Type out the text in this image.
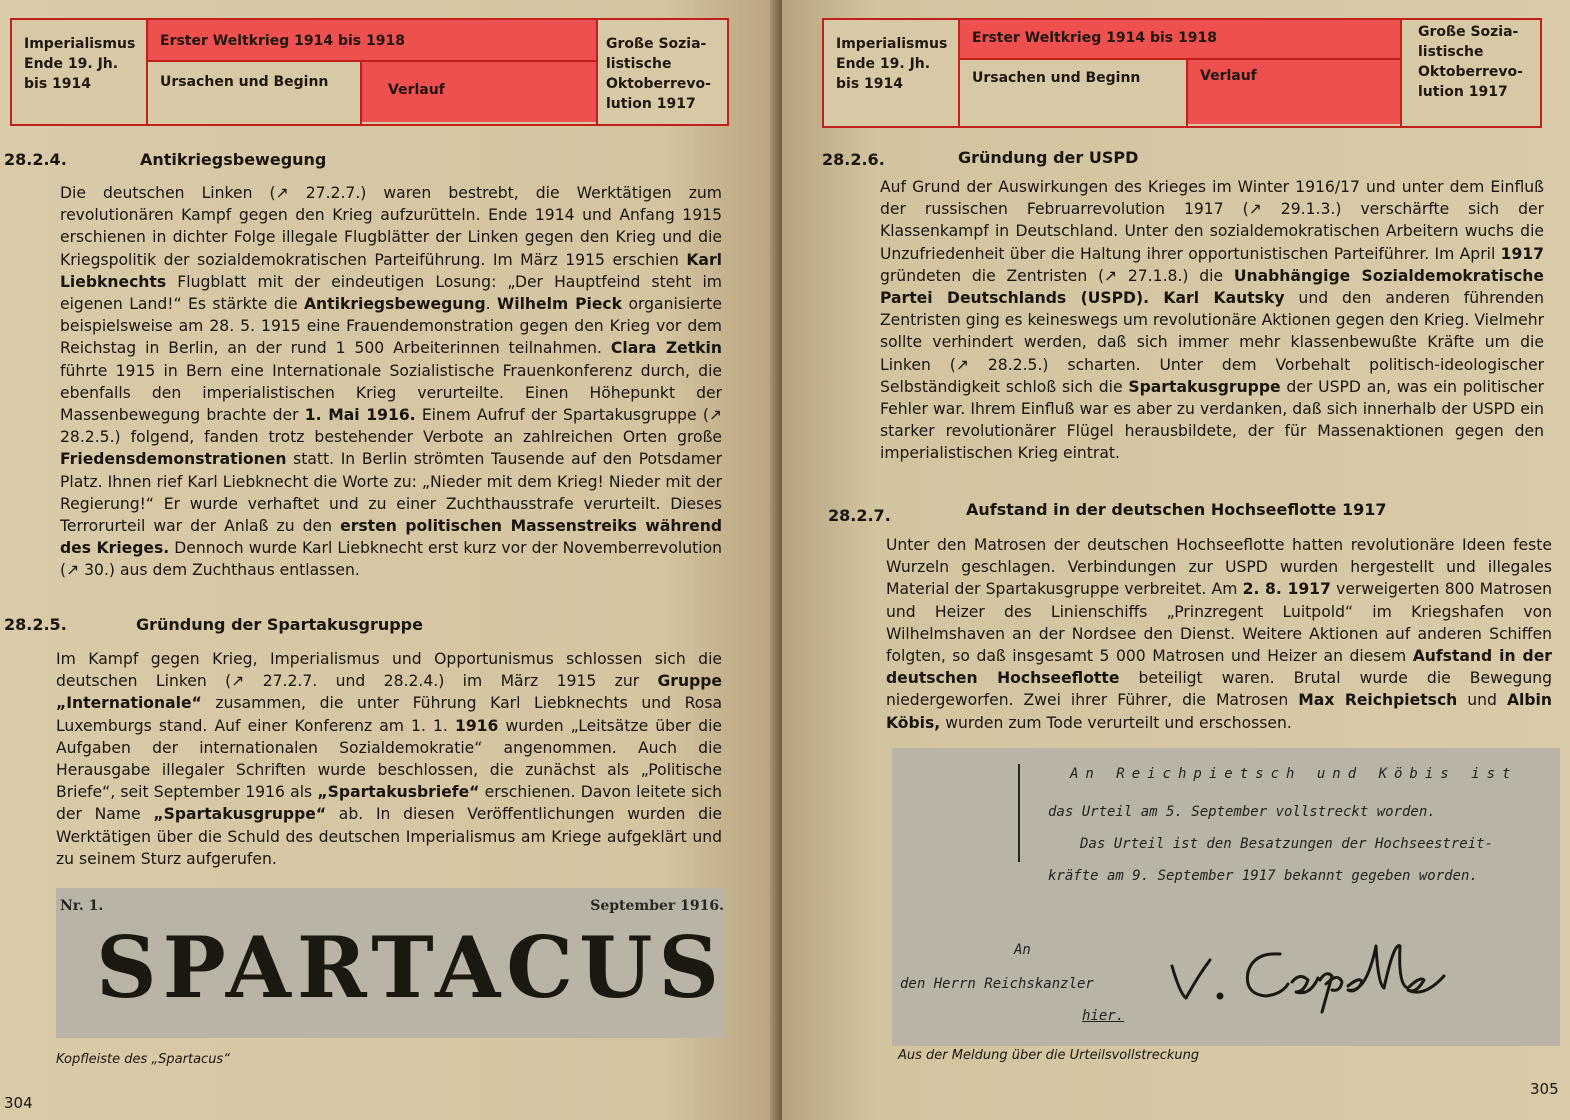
Imperialismus
Ende 19. Jh.
bis 1914
Erster Weltkrieg 1914 bis 1918
Ursachen und Beginn	Verlauf
Große Sozia-
listische
Oktoberrevo-
lution 1917
28.2.4.	Antikriegsbewegung

Die deutschen Linken (↗ 27.2.7.) waren bestrebt, die Werktätigen zum revolutionären Kampf gegen den Krieg aufzurütteln. Ende 1914 und Anfang 1915 erschienen in dichter Folge illegale Flugblätter der Linken gegen den Krieg und die Kriegspolitik der sozialdemokratischen Parteiführung. Im März 1915 erschien Karl Liebknechts Flugblatt mit der eindeutigen Losung: „Der Hauptfeind steht im eigenen Land!“ Es stärkte die Antikriegsbewegung. Wilhelm Pieck organisierte beispielsweise am 28. 5. 1915 eine Frauendemonstration gegen den Krieg vor dem Reichstag in Berlin, an der rund 1 500 Arbeiterinnen teilnahmen. Clara Zetkin führte 1915 in Bern eine Internationale Sozialistische Frauenkonferenz durch, die ebenfalls den imperialistischen Krieg verurteilte. Einen Höhepunkt der Massenbewegung brachte der 1. Mai 1916. Einem Aufruf der Spartakusgruppe (↗ 28.2.5.) folgend, fanden trotz bestehender Verbote an zahlreichen Orten große Friedensdemonstrationen statt. In Berlin strömten Tausende auf den Potsdamer Platz. Ihnen rief Karl Liebknecht die Worte zu: „Nieder mit dem Krieg! Nieder mit der Regierung!“ Er wurde verhaftet und zu einer Zuchthausstrafe verurteilt. Dieses Terrorurteil war der Anlaß zu den ersten politischen Massenstreiks während des Krieges. Dennoch wurde Karl Liebknecht erst kurz vor der Novemberrevolution (↗ 30.) aus dem Zuchthaus entlassen.

28.2.5.	Gründung der Spartakusgruppe

Im Kampf gegen Krieg, Imperialismus und Opportunismus schlossen sich die deutschen Linken (↗ 27.2.7. und 28.2.4.) im März 1915 zur Gruppe „Internationale“ zusammen, die unter Führung Karl Liebknechts und Rosa Luxemburgs stand. Auf einer Konferenz am 1. 1. 1916 wurden „Leitsätze über die Aufgaben der internationalen Sozialdemokratie“ angenommen. Auch die Herausgabe illegaler Schriften wurde beschlossen, die zunächst als „Politische Briefe“, seit September 1916 als „Spartakusbriefe“ erschienen. Davon leitete sich der Name „Spartakusgruppe“ ab. In diesen Veröffentlichungen wurden die Werktätigen über die Schuld des deutschen Imperialismus am Kriege aufgeklärt und zu seinem Sturz aufgerufen.

Nr. 1.	September 1916.
SPARTACUS
Kopfleiste des „Spartacus“
304
Imperialismus
Ende 19. Jh.
bis 1914
Erster Weltkrieg 1914 bis 1918
Ursachen und Beginn	Verlauf
Große Sozia-
listische
Oktoberrevo-
lution 1917
28.2.6.	Gründung der USPD

Auf Grund der Auswirkungen des Krieges im Winter 1916/17 und unter dem Einfluß der russischen Februarrevolution 1917 (↗ 29.1.3.) verschärfte sich der Klassenkampf in Deutschland. Unter den sozialdemokratischen Arbeitern wuchs die Unzufriedenheit über die Haltung ihrer opportunistischen Parteiführer. Im April 1917 gründeten die Zentristen (↗ 27.1.8.) die Unabhängige Sozialdemokratische Partei Deutschlands (USPD). Karl Kautsky und den anderen führenden Zentristen ging es keineswegs um revolutionäre Aktionen gegen den Krieg. Vielmehr sollte verhindert werden, daß sich immer mehr klassenbewußte Kräfte um die Linken (↗ 28.2.5.) scharten. Unter dem Vorbehalt politisch-ideologischer Selbständigkeit schloß sich die Spartakusgruppe der USPD an, was ein politischer Fehler war. Ihrem Einfluß war es aber zu verdanken, daß sich innerhalb der USPD ein starker revolutionärer Flügel herausbildete, der für Massenaktionen gegen den imperialistischen Krieg eintrat.

28.2.7.	Aufstand in der deutschen Hochseeflotte 1917

Unter den Matrosen der deutschen Hochseeflotte hatten revolutionäre Ideen feste Wurzeln geschlagen. Verbindungen zur USPD wurden hergestellt und illegales Material der Spartakusgruppe verbreitet. Am 2. 8. 1917 verweigerten 800 Matrosen und Heizer des Linienschiffs „Prinzregent Luitpold“ im Kriegshafen von Wilhelmshaven an der Nordsee den Dienst. Weitere Aktionen auf anderen Schiffen folgten, so daß insgesamt 5 000 Matrosen und Heizer an diesem Aufstand in der deutschen Hochseeflotte beteiligt waren. Brutal wurde die Bewegung niedergeworfen. Zwei ihrer Führer, die Matrosen Max Reichpietsch und Albin Köbis, wurden zum Tode verurteilt und erschossen.

An Reichpietsch und Köbis ist
das Urteil am 5. September vollstreckt worden.
Das Urteil ist den Besatzungen der Hochseestreit-
kräfte am 9. September 1917 bekannt gegeben worden.
An
den Herrn Reichskanzler
hier.
Aus der Meldung über die Urteilsvollstreckung
305
